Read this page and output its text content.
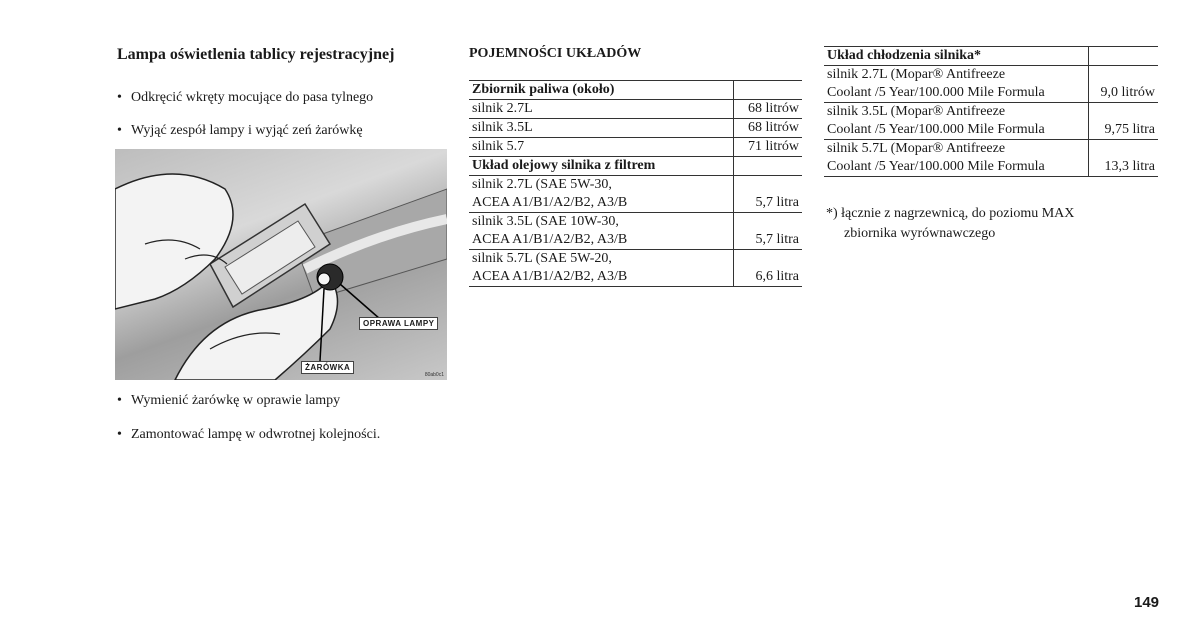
Lampa oświetlenia tablicy rejestracyjnej
• Odkręcić wkręty mocujące do pasa tylnego
• Wyjąć zespół lampy i wyjąć zeń żarówkę
OPRAWA LAMPY
ŻARÓWKA
80ab0c1
• Wymienić żarówkę w oprawie lampy
• Zamontować lampę w odwrotnej kolejności.
POJEMNOŚCI UKŁADÓW
Zbiornik paliwa (około)	
silnik 2.7L	68 litrów
silnik 3.5L	68 litrów
silnik 5.7	71 litrów
Układ olejowy silnika z filtrem	

silnik 2.7L (SAE 5W-30,
ACEA A1/B1/A2/B2, A3/B	5,7 litra

silnik 3.5L (SAE 10W-30,
ACEA A1/B1/A2/B2, A3/B	5,7 litra

silnik 5.7L (SAE 5W-20,
ACEA A1/B1/A2/B2, A3/B	6,6 litra
Układ chłodzenia silnika*	

silnik 2.7L (Mopar® Antifreeze
Coolant /5 Year/100.000 Mile Formula	9,0 litrów

silnik 3.5L (Mopar® Antifreeze
Coolant /5 Year/100.000 Mile Formula	9,75 litra

silnik 5.7L (Mopar® Antifreeze
Coolant /5 Year/100.000 Mile Formula	13,3 litra
*) łącznie z nagrzewnicą, do poziomu MAX
zbiornika wyrównawczego
149
